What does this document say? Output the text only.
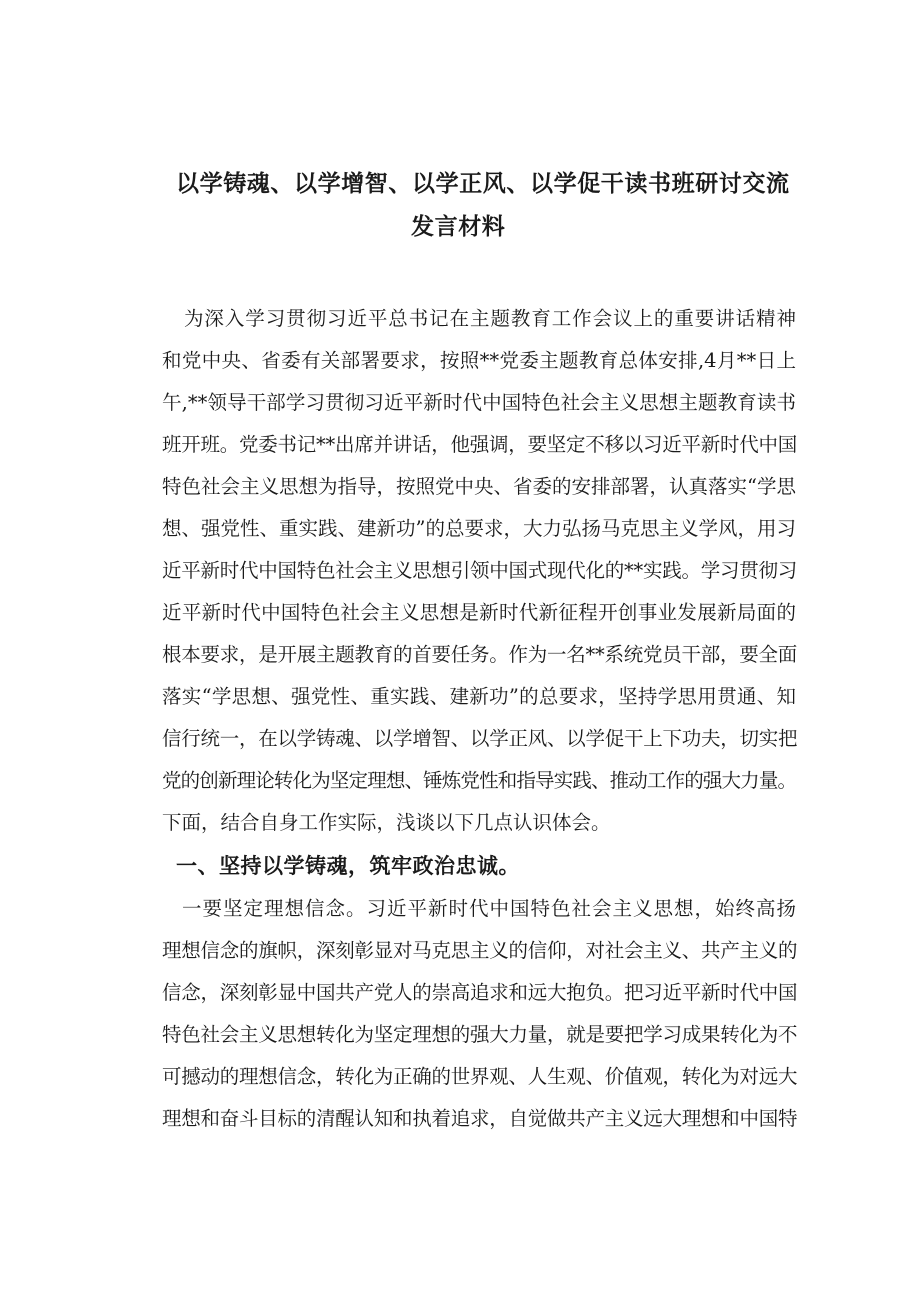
以学铸魂、以学增智、以学正风、以学促干读书班研讨交流
发言材料
为深入学习贯彻习近平总书记在主题教育工作会议上的重要讲话精神
和党中央、省委有关部署要求，按照**党委主题教育总体安排,4月**日上
午,**领导干部学习贯彻习近平新时代中国特色社会主义思想主题教育读书
班开班。党委书记**出席并讲话，他强调，要坚定不移以习近平新时代中国
特色社会主义思想为指导，按照党中央、省委的安排部署，认真落实“学思
想、强党性、重实践、建新功”的总要求，大力弘扬马克思主义学风，用习
近平新时代中国特色社会主义思想引领中国式现代化的**实践。学习贯彻习
近平新时代中国特色社会主义思想是新时代新征程开创事业发展新局面的
根本要求，是开展主题教育的首要任务。作为一名**系统党员干部，要全面
落实“学思想、强党性、重实践、建新功”的总要求，坚持学思用贯通、知
信行统一，在以学铸魂、以学增智、以学正风、以学促干上下功夫，切实把
党的创新理论转化为坚定理想、锤炼党性和指导实践、推动工作的强大力量。
下面，结合自身工作实际，浅谈以下几点认识体会。
一、坚持以学铸魂，筑牢政治忠诚。
一要坚定理想信念。习近平新时代中国特色社会主义思想，始终高扬
理想信念的旗帜，深刻彰显对马克思主义的信仰，对社会主义、共产主义的
信念，深刻彰显中国共产党人的崇高追求和远大抱负。把习近平新时代中国
特色社会主义思想转化为坚定理想的强大力量，就是要把学习成果转化为不
可撼动的理想信念，转化为正确的世界观、人生观、价值观，转化为对远大
理想和奋斗目标的清醒认知和执着追求，自觉做共产主义远大理想和中国特
